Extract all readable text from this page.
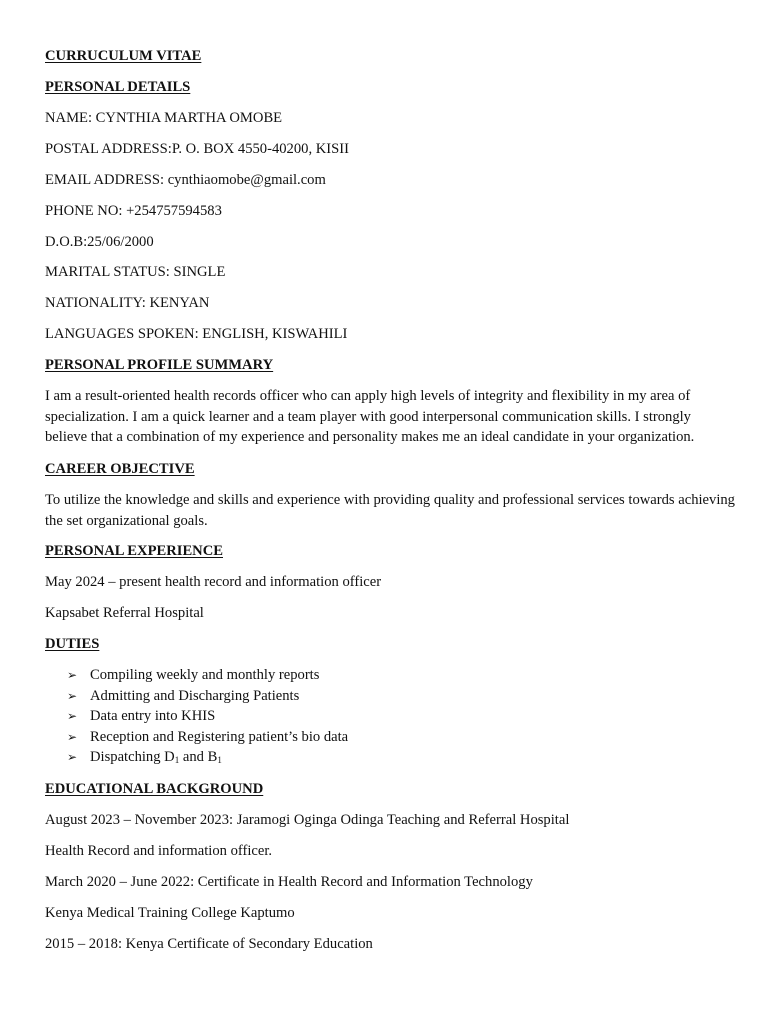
CURRUCULUM VITAE
PERSONAL DETAILS
NAME: CYNTHIA MARTHA OMOBE
POSTAL ADDRESS:P. O. BOX 4550-40200, KISII
EMAIL ADDRESS: cynthiaomobe@gmail.com
PHONE NO: +254757594583
D.O.B:25/06/2000
MARITAL STATUS: SINGLE
NATIONALITY: KENYAN
LANGUAGES SPOKEN: ENGLISH, KISWAHILI
PERSONAL PROFILE SUMMARY
I am a result-oriented health records officer who can apply high levels of integrity and flexibility in my area of specialization. I am a quick learner and a team player with good interpersonal communication skills. I strongly believe that a combination of my experience and personality makes me an ideal candidate in your organization.
CAREER OBJECTIVE
To utilize the knowledge and skills and experience with providing quality and professional services towards achieving the set organizational goals.
PERSONAL EXPERIENCE
May 2024 – present health record and information officer
Kapsabet Referral Hospital
DUTIES
➢ Compiling weekly and monthly reports
➢ Admitting and Discharging Patients
➢ Data entry into KHIS
➢ Reception and Registering patient’s bio data
➢ Dispatching $D_1$ and $B_1$
EDUCATIONAL BACKGROUND
August 2023 – November 2023: Jaramogi Oginga Odinga Teaching and Referral Hospital
Health Record and information officer.
March 2020 – June 2022: Certificate in Health Record and Information Technology
Kenya Medical Training College Kaptumo
2015 – 2018: Kenya Certificate of Secondary Education
